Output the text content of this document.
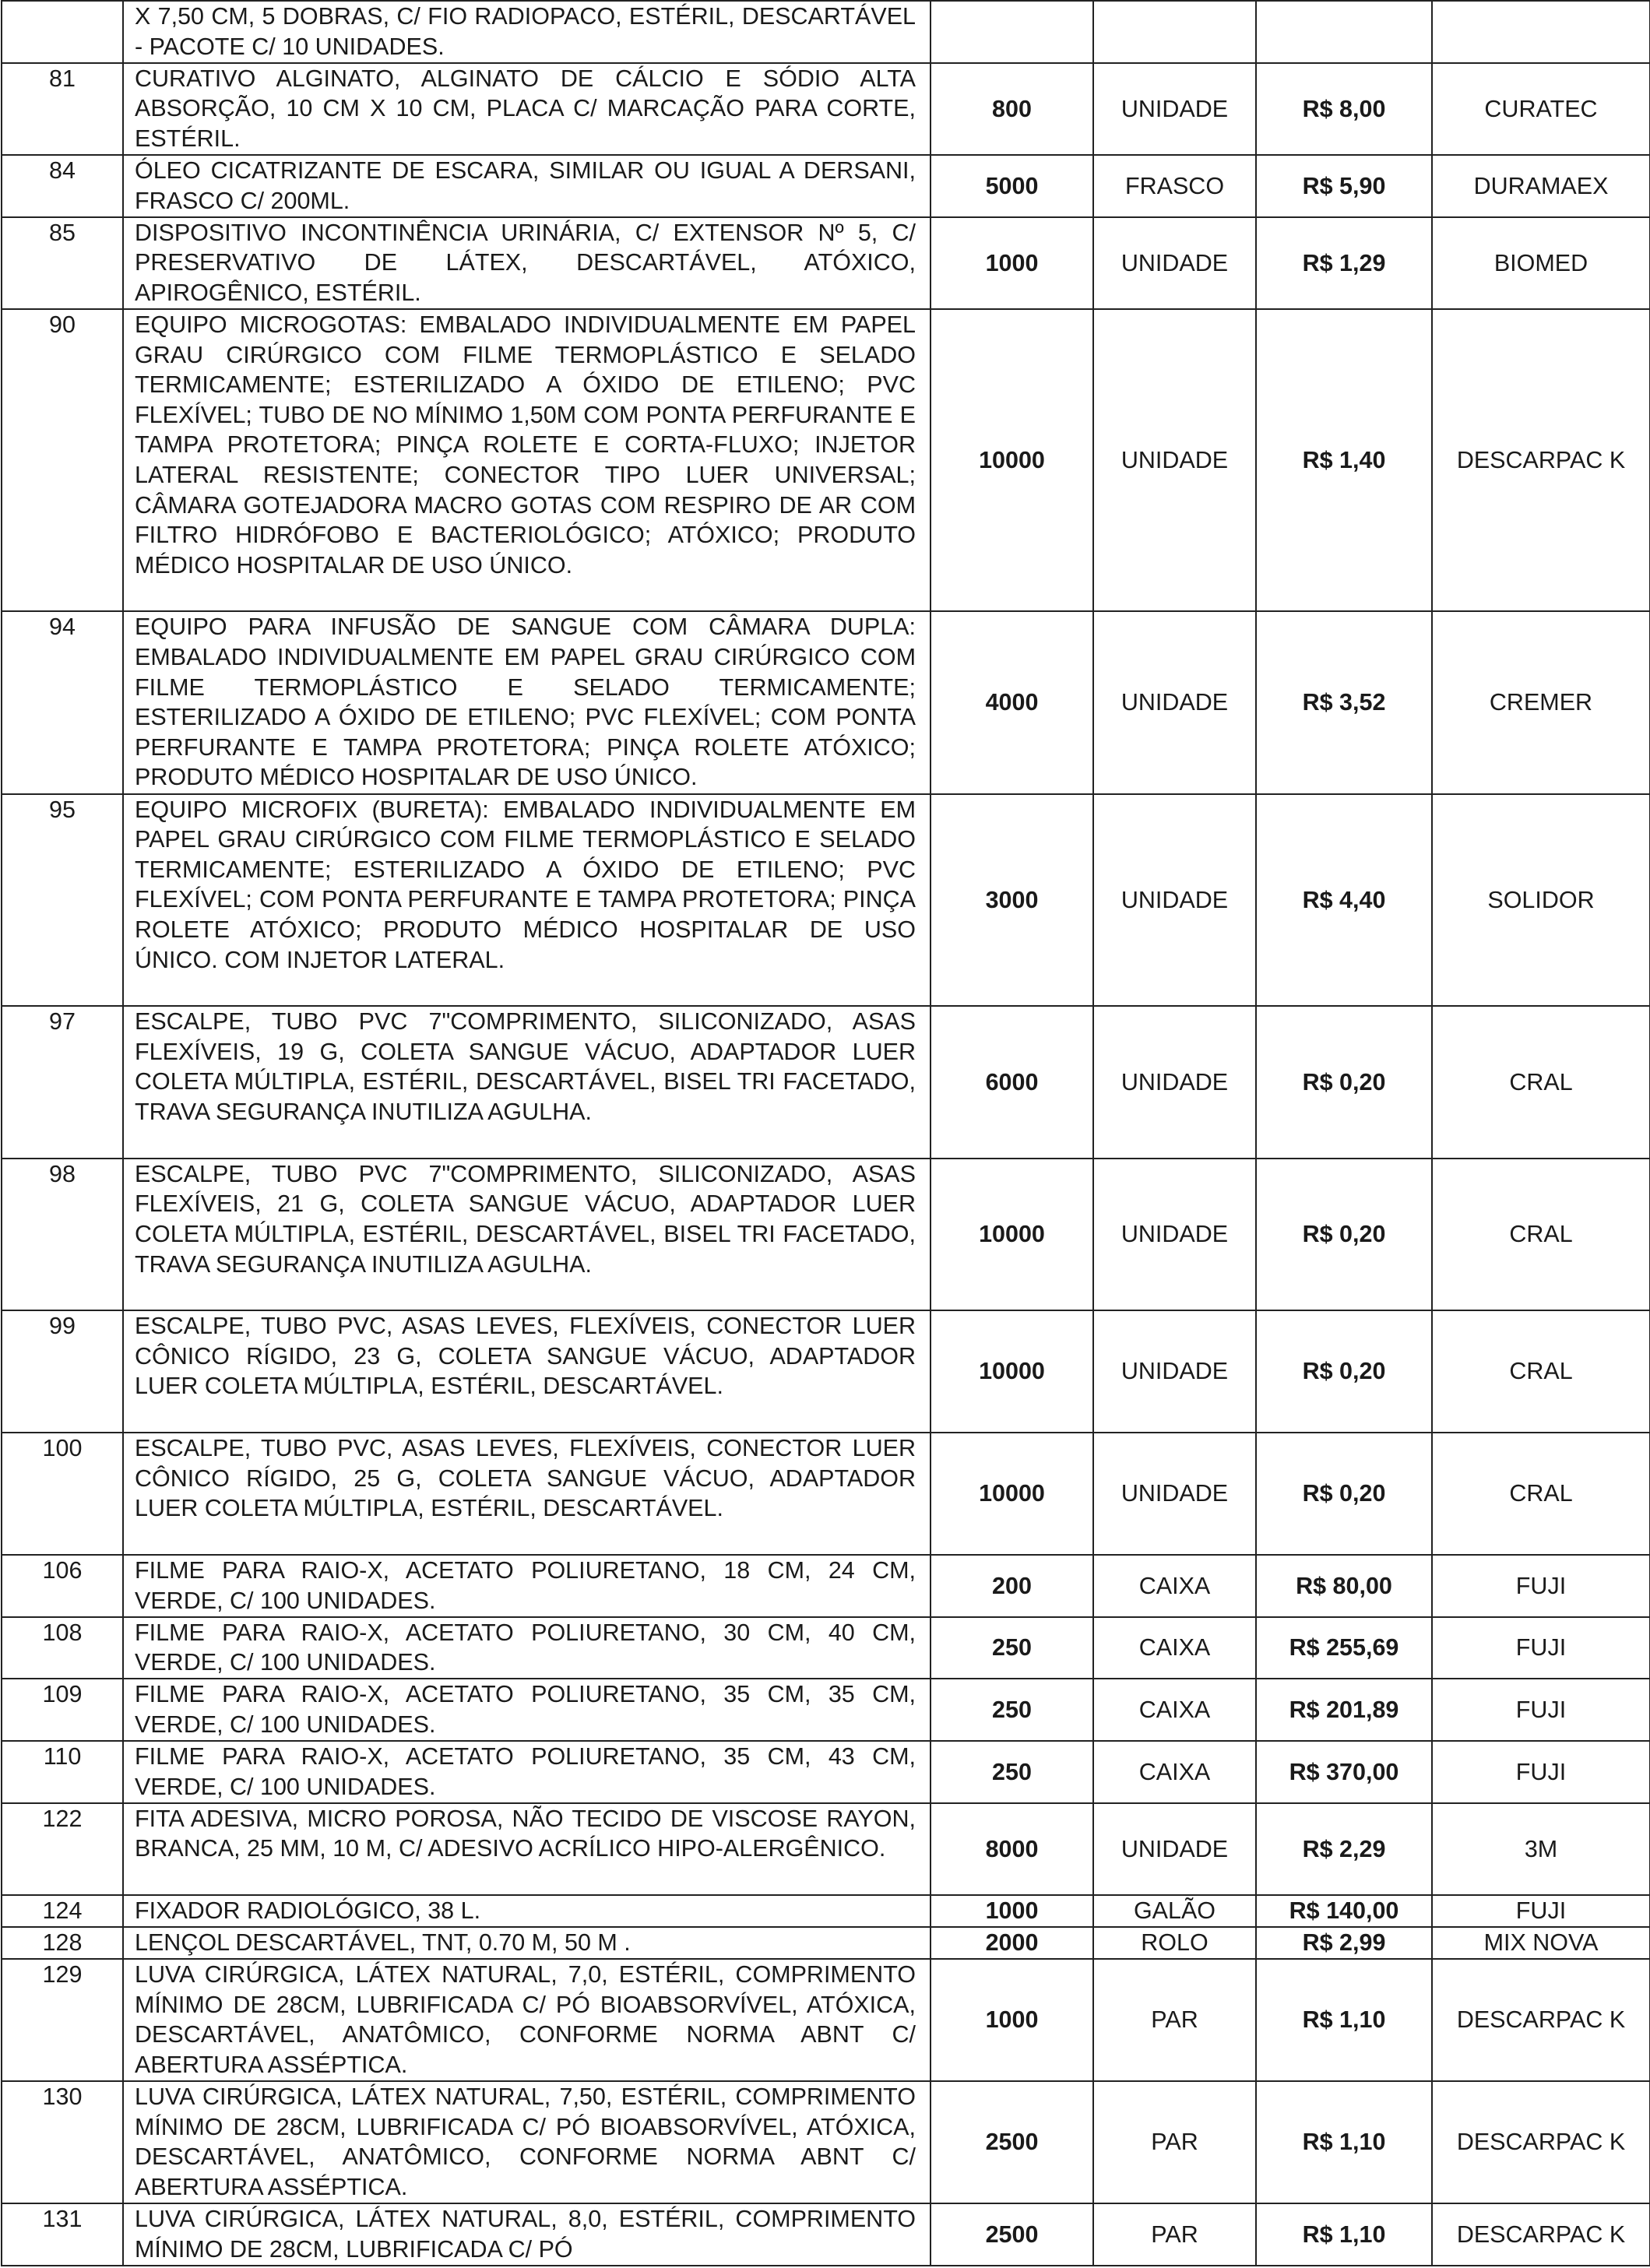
	X 7,50 CM, 5 DOBRAS, C/ FIO RADIOPACO, ESTÉRIL, DESCARTÁVEL - PACOTE C/ 10 UNIDADES.				
81	CURATIVO ALGINATO, ALGINATO DE CÁLCIO E SÓDIO ALTA ABSORÇÃO, 10 CM X 10 CM, PLACA C/ MARCAÇÃO PARA CORTE, ESTÉRIL.	800	UNIDADE	R$ 8,00	CURATEC
84	ÓLEO CICATRIZANTE DE ESCARA, SIMILAR OU IGUAL A DERSANI, FRASCO C/ 200ML.	5000	FRASCO	R$ 5,90	DURAMAEX
85	DISPOSITIVO INCONTINÊNCIA URINÁRIA, C/ EXTENSOR Nº 5, C/ PRESERVATIVO DE LÁTEX, DESCARTÁVEL, ATÓXICO, APIROGÊNICO, ESTÉRIL.	1000	UNIDADE	R$ 1,29	BIOMED
90	EQUIPO MICROGOTAS: EMBALADO INDIVIDUALMENTE EM PAPEL GRAU CIRÚRGICO COM FILME TERMOPLÁSTICO E SELADO TERMICAMENTE; ESTERILIZADO A ÓXIDO DE ETILENO; PVC FLEXÍVEL; TUBO DE NO MÍNIMO 1,50M COM PONTA PERFURANTE E TAMPA PROTETORA; PINÇA ROLETE E CORTA-FLUXO; INJETOR LATERAL RESISTENTE; CONECTOR TIPO LUER UNIVERSAL; CÂMARA GOTEJADORA MACRO GOTAS COM RESPIRO DE AR COM FILTRO HIDRÓFOBO E BACTERIOLÓGICO; ATÓXICO; PRODUTO MÉDICO HOSPITALAR DE USO ÚNICO.	10000	UNIDADE	R$ 1,40	DESCARPAC K
94	EQUIPO PARA INFUSÃO DE SANGUE COM CÂMARA DUPLA: EMBALADO INDIVIDUALMENTE EM PAPEL GRAU CIRÚRGICO COM FILME TERMOPLÁSTICO E SELADO TERMICAMENTE; ESTERILIZADO A ÓXIDO DE ETILENO; PVC FLEXÍVEL; COM PONTA PERFURANTE E TAMPA PROTETORA; PINÇA ROLETE ATÓXICO; PRODUTO MÉDICO HOSPITALAR DE USO ÚNICO.	4000	UNIDADE	R$ 3,52	CREMER
95	EQUIPO MICROFIX (BURETA): EMBALADO INDIVIDUALMENTE EM PAPEL GRAU CIRÚRGICO COM FILME TERMOPLÁSTICO E SELADO TERMICAMENTE; ESTERILIZADO A ÓXIDO DE ETILENO; PVC FLEXÍVEL; COM PONTA PERFURANTE E TAMPA PROTETORA; PINÇA ROLETE ATÓXICO; PRODUTO MÉDICO HOSPITALAR DE USO ÚNICO. COM INJETOR LATERAL.	3000	UNIDADE	R$ 4,40	SOLIDOR
97	ESCALPE, TUBO PVC 7"COMPRIMENTO, SILICONIZADO, ASAS FLEXÍVEIS, 19 G, COLETA SANGUE VÁCUO, ADAPTADOR LUER COLETA MÚLTIPLA, ESTÉRIL, DESCARTÁVEL, BISEL TRI FACETADO, TRAVA SEGURANÇA INUTILIZA AGULHA.	6000	UNIDADE	R$ 0,20	CRAL
98	ESCALPE, TUBO PVC 7"COMPRIMENTO, SILICONIZADO, ASAS FLEXÍVEIS, 21 G, COLETA SANGUE VÁCUO, ADAPTADOR LUER COLETA MÚLTIPLA, ESTÉRIL, DESCARTÁVEL, BISEL TRI FACETADO, TRAVA SEGURANÇA INUTILIZA AGULHA.	10000	UNIDADE	R$ 0,20	CRAL
99	ESCALPE, TUBO PVC, ASAS LEVES, FLEXÍVEIS, CONECTOR LUER CÔNICO RÍGIDO, 23 G, COLETA SANGUE VÁCUO, ADAPTADOR LUER COLETA MÚLTIPLA, ESTÉRIL, DESCARTÁVEL.	10000	UNIDADE	R$ 0,20	CRAL
100	ESCALPE, TUBO PVC, ASAS LEVES, FLEXÍVEIS, CONECTOR LUER CÔNICO RÍGIDO, 25 G, COLETA SANGUE VÁCUO, ADAPTADOR LUER COLETA MÚLTIPLA, ESTÉRIL, DESCARTÁVEL.	10000	UNIDADE	R$ 0,20	CRAL
106	FILME PARA RAIO-X, ACETATO POLIURETANO, 18 CM, 24 CM, VERDE, C/ 100 UNIDADES.	200	CAIXA	R$ 80,00	FUJI
108	FILME PARA RAIO-X, ACETATO POLIURETANO, 30 CM, 40 CM, VERDE, C/ 100 UNIDADES.	250	CAIXA	R$ 255,69	FUJI
109	FILME PARA RAIO-X, ACETATO POLIURETANO, 35 CM, 35 CM, VERDE, C/ 100 UNIDADES.	250	CAIXA	R$ 201,89	FUJI
110	FILME PARA RAIO-X, ACETATO POLIURETANO, 35 CM, 43 CM, VERDE, C/ 100 UNIDADES.	250	CAIXA	R$ 370,00	FUJI
122	FITA ADESIVA, MICRO POROSA, NÃO TECIDO DE VISCOSE RAYON, BRANCA, 25 MM, 10 M, C/ ADESIVO ACRÍLICO HIPO-ALERGÊNICO.	8000	UNIDADE	R$ 2,29	3M
124	FIXADOR RADIOLÓGICO, 38 L.	1000	GALÃO	R$ 140,00	FUJI
128	LENÇOL DESCARTÁVEL, TNT, 0.70 M, 50 M .	2000	ROLO	R$ 2,99	MIX NOVA
129	LUVA CIRÚRGICA, LÁTEX NATURAL, 7,0, ESTÉRIL, COMPRIMENTO MÍNIMO DE 28CM, LUBRIFICADA C/ PÓ BIOABSORVÍVEL, ATÓXICA, DESCARTÁVEL, ANATÔMICO, CONFORME NORMA ABNT C/ ABERTURA ASSÉPTICA.	1000	PAR	R$ 1,10	DESCARPAC K
130	LUVA CIRÚRGICA, LÁTEX NATURAL, 7,50, ESTÉRIL, COMPRIMENTO MÍNIMO DE 28CM, LUBRIFICADA C/ PÓ BIOABSORVÍVEL, ATÓXICA, DESCARTÁVEL, ANATÔMICO, CONFORME NORMA ABNT C/ ABERTURA ASSÉPTICA.	2500	PAR	R$ 1,10	DESCARPAC K
131	LUVA CIRÚRGICA, LÁTEX NATURAL, 8,0, ESTÉRIL, COMPRIMENTO MÍNIMO DE 28CM, LUBRIFICADA C/ PÓ	2500	PAR	R$ 1,10	DESCARPAC K
